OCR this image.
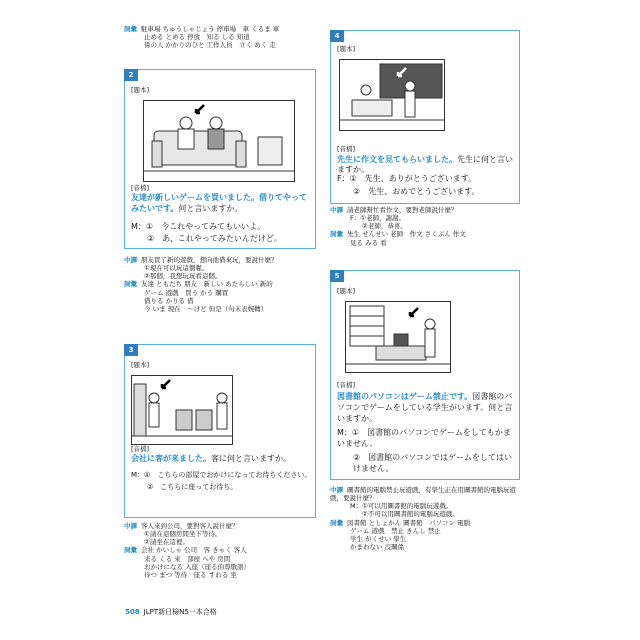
詞彙 駐車場 ちゅうしゃじょう 停車場　車 くるま 車
止める とめる 停放　知る しる 知道
係の人 かかりのひと 工作人員　立く あく 走
2
[題本]
[音檔]
友達が新しいゲームを買いました。借りてやってみたいです。何と言いますか。
M：①　今これやってみてもいいよ。
②　あ、これやってみたいんだけど。
中譯 朋友買了新的遊戲，想向他借來玩，要說什麼？
①現在可以玩這個喔。
②那個，我想玩玩看這個。
詞彙 友達 ともだち 朋友　新しい あたらしい 新的
ゲーム 遊戲　買う かう 購買
借りる かりる 借
今 いま 現在　〜けど 但是（句末表婉轉）
3
[題本]
[音檔]
会社に客が来ました。客に何と言いますか。
M：①　こちらの部屋でおかけになってお待ちください。
②　こちらに座ってお待ち。
中譯 客人來到公司，要對客人說什麼？
①請在這個房間坐下等待。
②請坐在這裡。
詞彙 会社 かいしゃ 公司　客 きゃく 客人
来る くる 來　部屋 へや 房間
おかけになる 入座（座る的尊敬語）
待つ まつ 等待　座る すわる 坐
4
[題本]
[音檔]
先生に作文を見てもらいました。先生に何と言いますか。
F：①　先生、ありがとうございます。
②　先生、おめでとうございます。
中譯 請老師幫忙看作文，要對老師說什麼？
F：①老師，謝謝。
②老師，恭喜。
詞彙 先生 せんせい 老師　作文 さくぶん 作文
見る みる 看
5
[題本]
[音檔]
図書館のパソコンはゲーム禁止です。図書館のパソコンでゲームをしている学生がいます。何と言いますか。
M：①　図書館のパソコンでゲームをしてもかまいません。
②　図書館のパソコンではゲームをしてはいけません。
中譯 圖書館的電腦禁止玩遊戲，有學生正在用圖書館的電腦玩遊戲，要說什麼？
M：①可以用圖書館的電腦玩遊戲。
②不可以用圖書館的電腦玩遊戲。
詞彙 図書館 としょかん 圖書館　パソコン 電腦
ゲーム 遊戲　禁止 きんし 禁止
学生 がくせい 學生
かまわない 沒關係
508 JLPT新日檢N5一本合格
